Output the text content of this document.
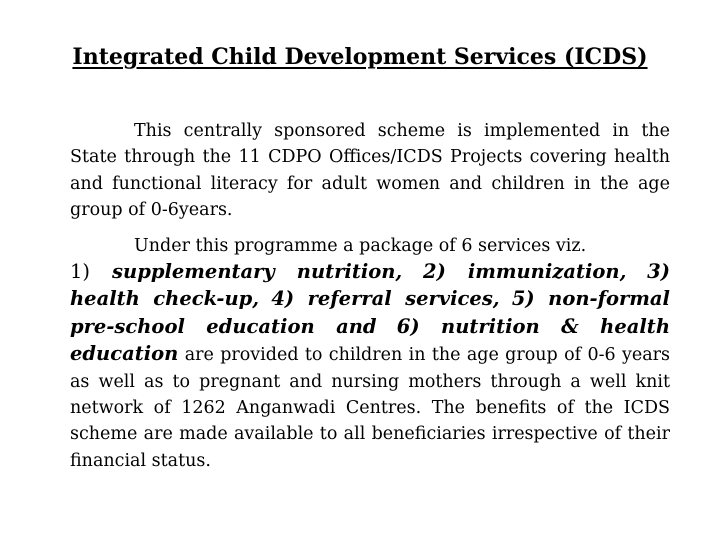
Integrated Child Development Services (ICDS)

This centrally sponsored scheme is implemented in the State through the 11 CDPO Offices/ICDS Projects covering health and functional literacy for adult women and children in the age group of 0-6years.

Under this programme a package of 6 services viz.
1) supplementary nutrition, 2) immunization, 3) health check-up, 4) referral services, 5) non-formal pre-school education and 6) nutrition & health education are provided to children in the age group of 0-6 years as well as to pregnant and nursing mothers through a well knit network of 1262 Anganwadi Centres. The benefits of the ICDS scheme are made available to all beneficiaries irrespective of their financial status.
